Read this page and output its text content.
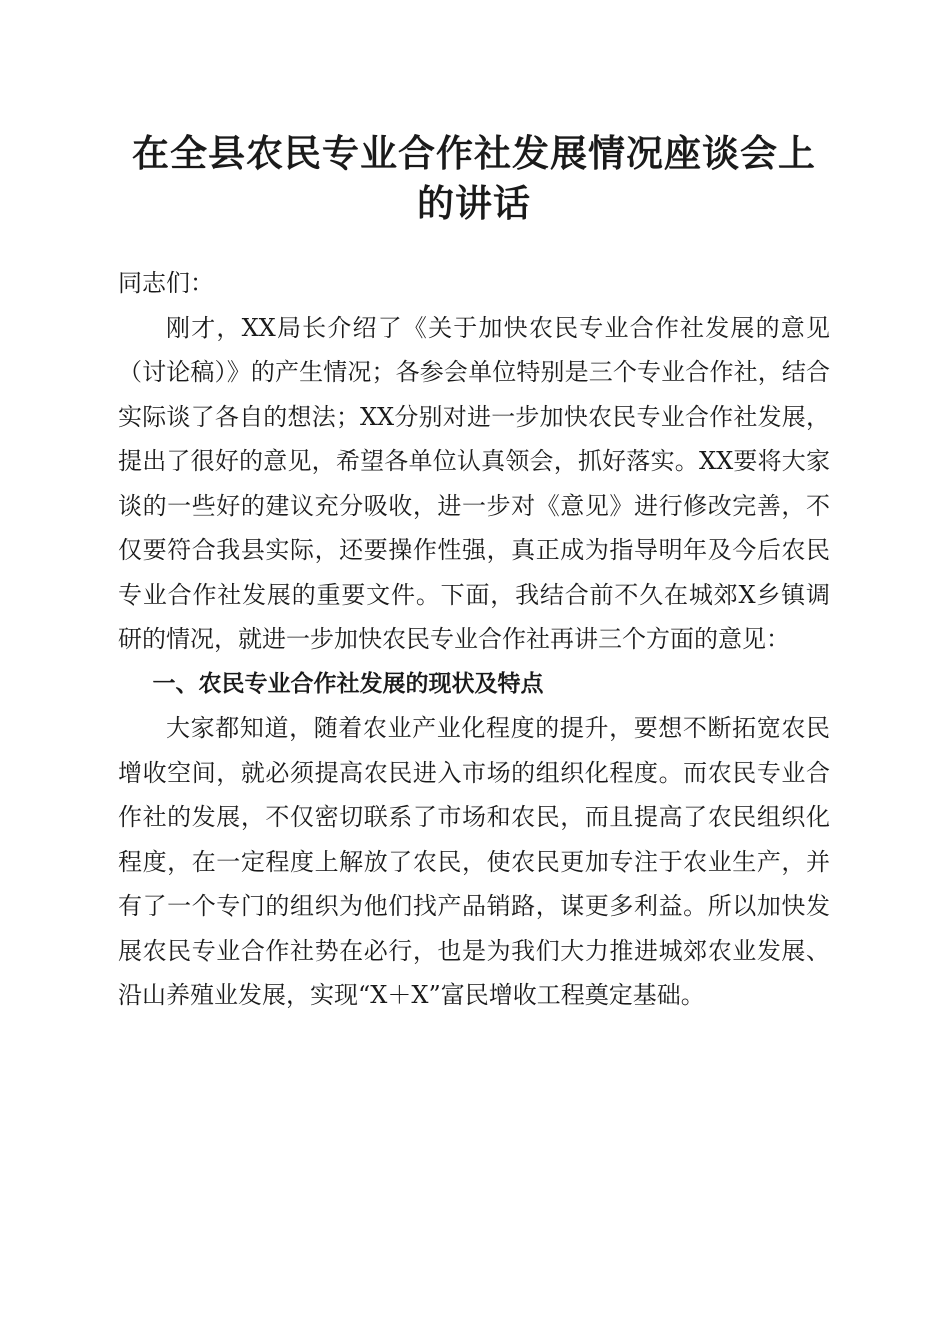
在全县农民专业合作社发展情况座谈会上的讲话

同志们：

刚才，XX局长介绍了《关于加快农民专业合作社发展的意见（讨论稿）》的产生情况；各参会单位特别是三个专业合作社，结合实际谈了各自的想法；XX分别对进一步加快农民专业合作社发展，提出了很好的意见，希望各单位认真领会，抓好落实。XX要将大家谈的一些好的建议充分吸收，进一步对《意见》进行修改完善，不仅要符合我县实际，还要操作性强，真正成为指导明年及今后农民专业合作社发展的重要文件。下面，我结合前不久在城郊X乡镇调研的情况，就进一步加快农民专业合作社再讲三个方面的意见：

一、农民专业合作社发展的现状及特点

大家都知道，随着农业产业化程度的提升，要想不断拓宽农民增收空间，就必须提高农民进入市场的组织化程度。而农民专业合作社的发展，不仅密切联系了市场和农民，而且提高了农民组织化程度，在一定程度上解放了农民，使农民更加专注于农业生产，并有了一个专门的组织为他们找产品销路，谋更多利益。所以加快发展农民专业合作社势在必行，也是为我们大力推进城郊农业发展、沿山养殖业发展，实现“X＋X”富民增收工程奠定基础。
